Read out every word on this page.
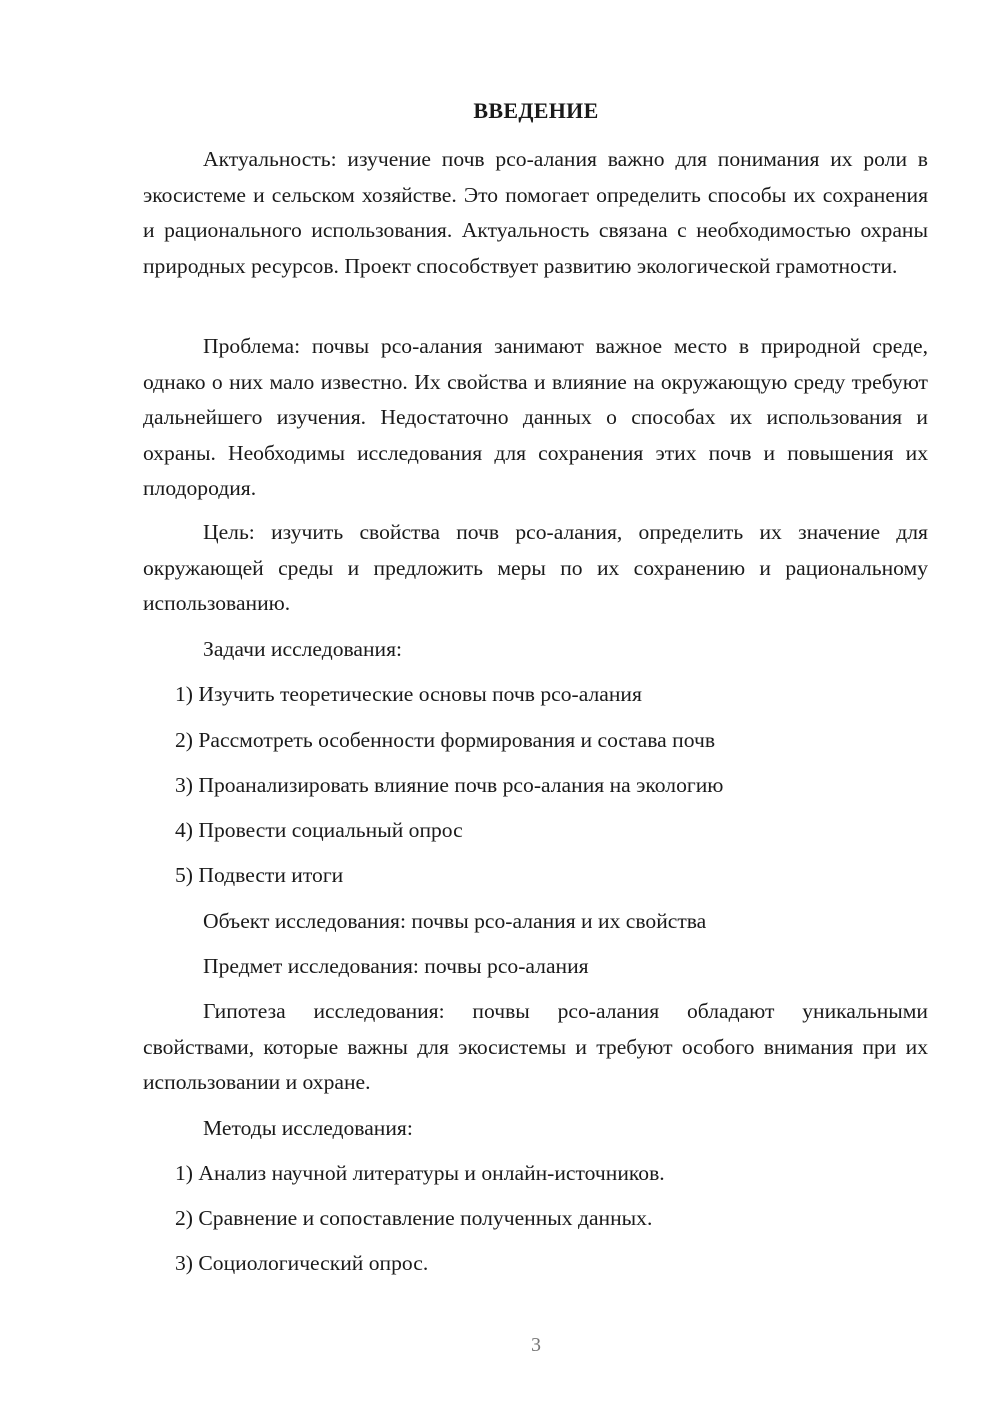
ВВЕДЕНИЕ

Актуальность: изучение почв рсо-алания важно для понимания их роли в экосистеме и сельском хозяйстве. Это помогает определить способы их сохранения и рационального использования. Актуальность связана с необходимостью охраны природных ресурсов. Проект способствует развитию экологической грамотности.

Проблема: почвы рсо-алания занимают важное место в природной среде, однако о них мало известно. Их свойства и влияние на окружающую среду требуют дальнейшего изучения. Недостаточно данных о способах их использования и охраны. Необходимы исследования для сохранения этих почв и повышения их плодородия.

Цель: изучить свойства почв рсо-алания, определить их значение для окружающей среды и предложить меры по их сохранению и рациональному использованию.

Задачи исследования:

1) Изучить теоретические основы почв рсо-алания

2) Рассмотреть особенности формирования и состава почв

3) Проанализировать влияние почв рсо-алания на экологию

4) Провести социальный опрос

5) Подвести итоги

Объект исследования: почвы рсо-алания и их свойства

Предмет исследования: почвы рсо-алания

Гипотеза исследования: почвы рсо-алания обладают уникальными свойствами, которые важны для экосистемы и требуют особого внимания при их использовании и охране.

Методы исследования:

1) Анализ научной литературы и онлайн-источников.

2) Сравнение и сопоставление полученных данных.

3) Социологический опрос.

3
